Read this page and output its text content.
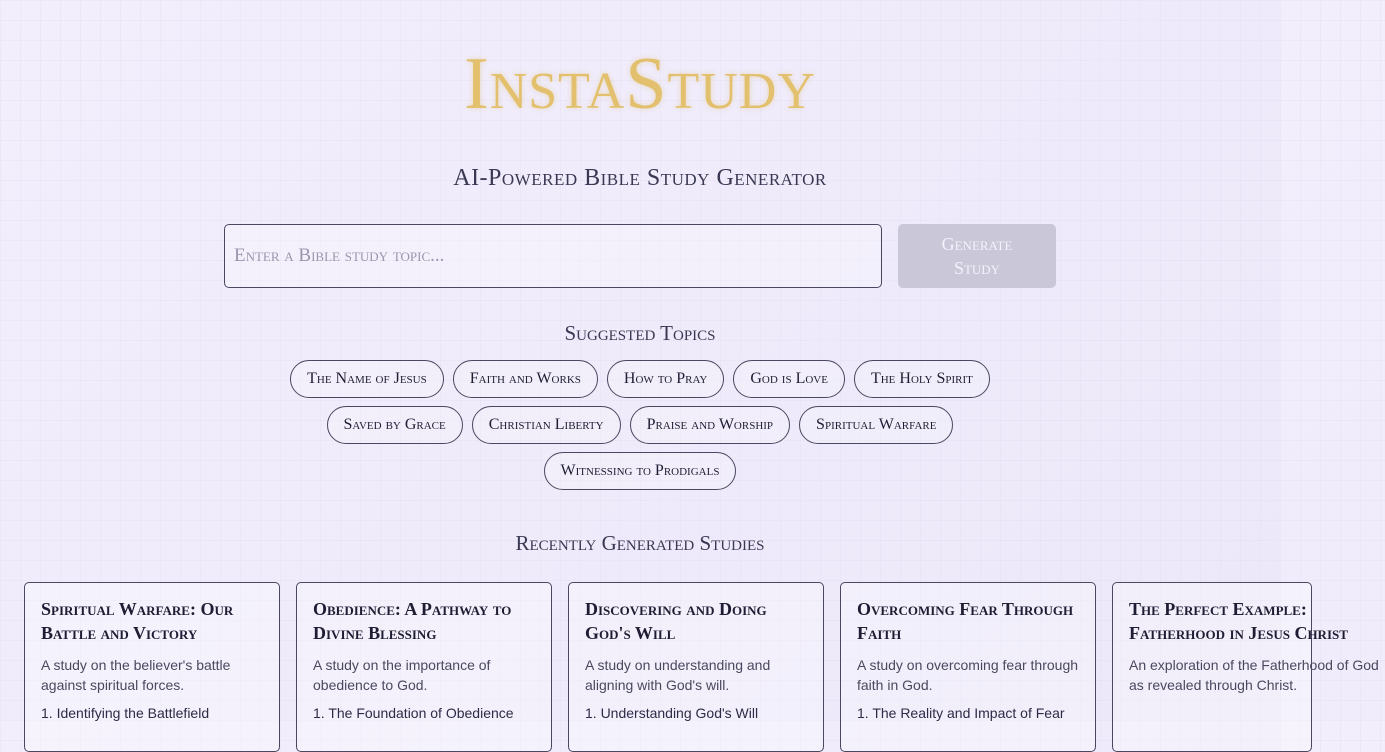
InstaStudy
AI-Powered Bible Study Generator
Enter a Bible study topic...
Generate Study
Suggested Topics
The Name of Jesus	Faith and Works	How to Pray	God is Love	The Holy Spirit
Saved by Grace	Christian Liberty	Praise and Worship	Spiritual Warfare
Witnessing to Prodigals
Recently Generated Studies
Spiritual Warfare: Our Battle and Victory
A study on the believer's battle against spiritual forces.
1. Identifying the Battlefield
Obedience: A Pathway to Divine Blessing
A study on the importance of obedience to God.
1. The Foundation of Obedience
Discovering and Doing God's Will
A study on understanding and aligning with God's will.
1. Understanding God's Will
Overcoming Fear Through Faith
A study on overcoming fear through faith in God.
1. The Reality and Impact of Fear
The Perfect Example: Fatherhood in Jesus Christ
An exploration of the Fatherhood of God as revealed through Christ.
